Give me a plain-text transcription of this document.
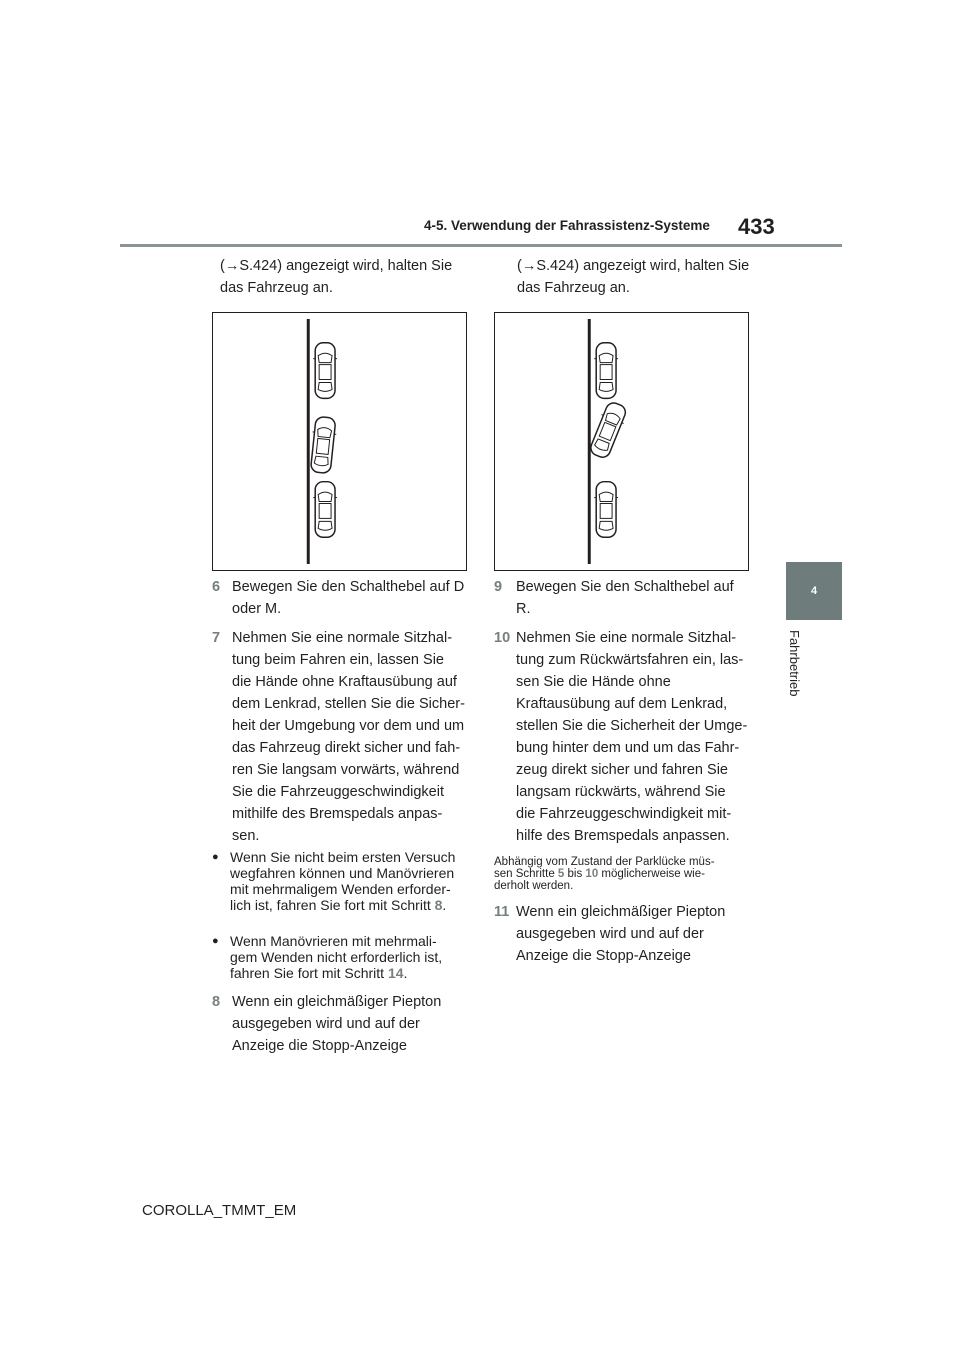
4-5. Verwendung der Fahrassistenz-Systeme 433
4
Fahrbetrieb
(→S.424) angezeigt wird, halten Sie
das Fahrzeug an.
6 Bewegen Sie den Schalthebel auf D
oder M.
7 Nehmen Sie eine normale Sitzhal-
tung beim Fahren ein, lassen Sie
die Hände ohne Kraftausübung auf
dem Lenkrad, stellen Sie die Sicher-
heit der Umgebung vor dem und um
das Fahrzeug direkt sicher und fah-
ren Sie langsam vorwärts, während
Sie die Fahrzeuggeschwindigkeit
mithilfe des Bremspedals anpas-
sen.
● Wenn Sie nicht beim ersten Versuch
wegfahren können und Manövrieren
mit mehrmaligem Wenden erforder-
lich ist, fahren Sie fort mit Schritt 8.
● Wenn Manövrieren mit mehrmali-
gem Wenden nicht erforderlich ist,
fahren Sie fort mit Schritt 14.
8 Wenn ein gleichmäßiger Piepton
ausgegeben wird und auf der
Anzeige die Stopp-Anzeige
(→S.424) angezeigt wird, halten Sie
das Fahrzeug an.
9 Bewegen Sie den Schalthebel auf
R.
10 Nehmen Sie eine normale Sitzhal-
tung zum Rückwärtsfahren ein, las-
sen Sie die Hände ohne
Kraftausübung auf dem Lenkrad,
stellen Sie die Sicherheit der Umge-
bung hinter dem und um das Fahr-
zeug direkt sicher und fahren Sie
langsam rückwärts, während Sie
die Fahrzeuggeschwindigkeit mit-
hilfe des Bremspedals anpassen.
Abhängig vom Zustand der Parklücke müs-
sen Schritte 5 bis 10 möglicherweise wie-
derholt werden.
11 Wenn ein gleichmäßiger Piepton
ausgegeben wird und auf der
Anzeige die Stopp-Anzeige
COROLLA_TMMT_EM
